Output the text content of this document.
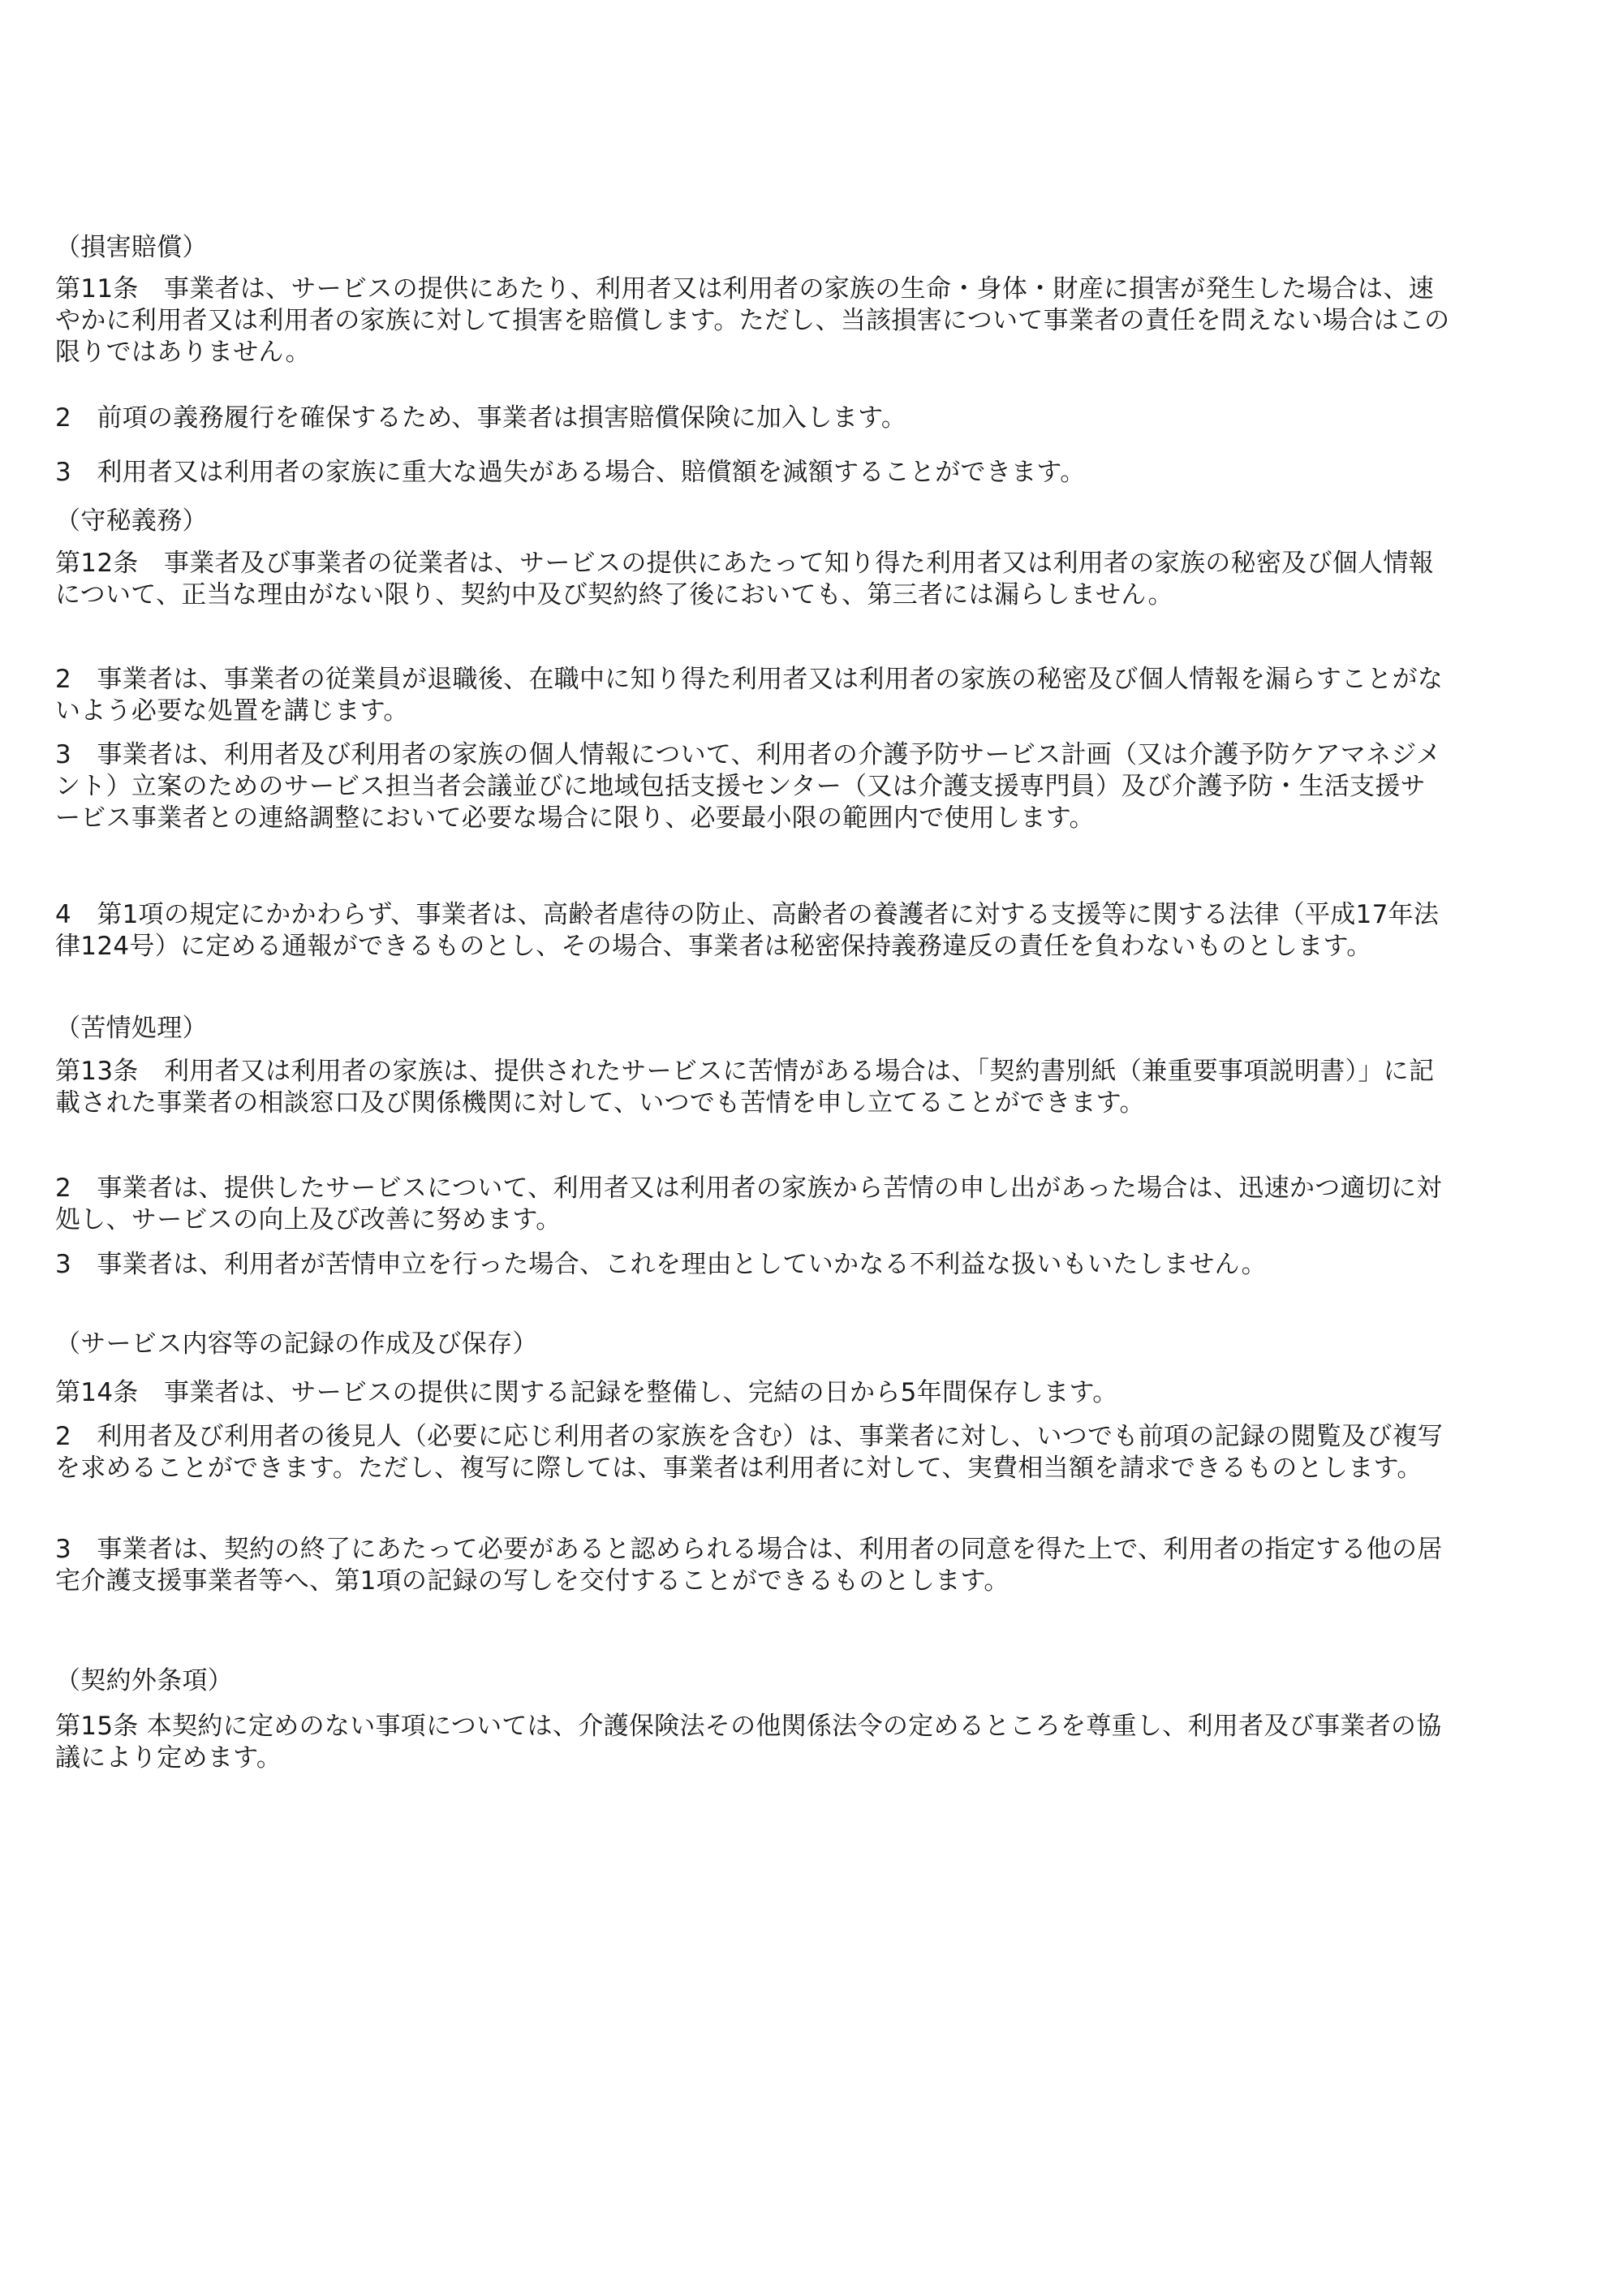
（損害賠償）

第11条　事業者は、サービスの提供にあたり、利用者又は利用者の家族の生命・身体・財産に損害が発生した場合は、速やかに利用者又は利用者の家族に対して損害を賠償します。ただし、当該損害について事業者の責任を問えない場合はこの限りではありません。

2　前項の義務履行を確保するため、事業者は損害賠償保険に加入します。

3　利用者又は利用者の家族に重大な過失がある場合、賠償額を減額することができます。

（守秘義務）

第12条　事業者及び事業者の従業者は、サービスの提供にあたって知り得た利用者又は利用者の家族の秘密及び個人情報について、正当な理由がない限り、契約中及び契約終了後においても、第三者には漏らしません。

2　事業者は、事業者の従業員が退職後、在職中に知り得た利用者又は利用者の家族の秘密及び個人情報を漏らすことがないよう必要な処置を講じます。

3　事業者は、利用者及び利用者の家族の個人情報について、利用者の介護予防サービス計画（又は介護予防ケアマネジメント）立案のためのサービス担当者会議並びに地域包括支援センター（又は介護支援専門員）及び介護予防・生活支援サービス事業者との連絡調整において必要な場合に限り、必要最小限の範囲内で使用します。

4　第1項の規定にかかわらず、事業者は、高齢者虐待の防止、高齢者の養護者に対する支援等に関する法律（平成17年法律124号）に定める通報ができるものとし、その場合、事業者は秘密保持義務違反の責任を負わないものとします。

（苦情処理）

第13条　利用者又は利用者の家族は、提供されたサービスに苦情がある場合は、「契約書別紙（兼重要事項説明書）」に記載された事業者の相談窓口及び関係機関に対して、いつでも苦情を申し立てることができます。

2　事業者は、提供したサービスについて、利用者又は利用者の家族から苦情の申し出があった場合は、迅速かつ適切に対処し、サービスの向上及び改善に努めます。

3　事業者は、利用者が苦情申立を行った場合、これを理由としていかなる不利益な扱いもいたしません。

（サービス内容等の記録の作成及び保存）

第14条　事業者は、サービスの提供に関する記録を整備し、完結の日から5年間保存します。

2　利用者及び利用者の後見人（必要に応じ利用者の家族を含む）は、事業者に対し、いつでも前項の記録の閲覧及び複写を求めることができます。ただし、複写に際しては、事業者は利用者に対して、実費相当額を請求できるものとします。

3　事業者は、契約の終了にあたって必要があると認められる場合は、利用者の同意を得た上で、利用者の指定する他の居宅介護支援事業者等へ、第1項の記録の写しを交付することができるものとします。

（契約外条項）

第15条 本契約に定めのない事項については、介護保険法その他関係法令の定めるところを尊重し、利用者及び事業者の協議により定めます。
